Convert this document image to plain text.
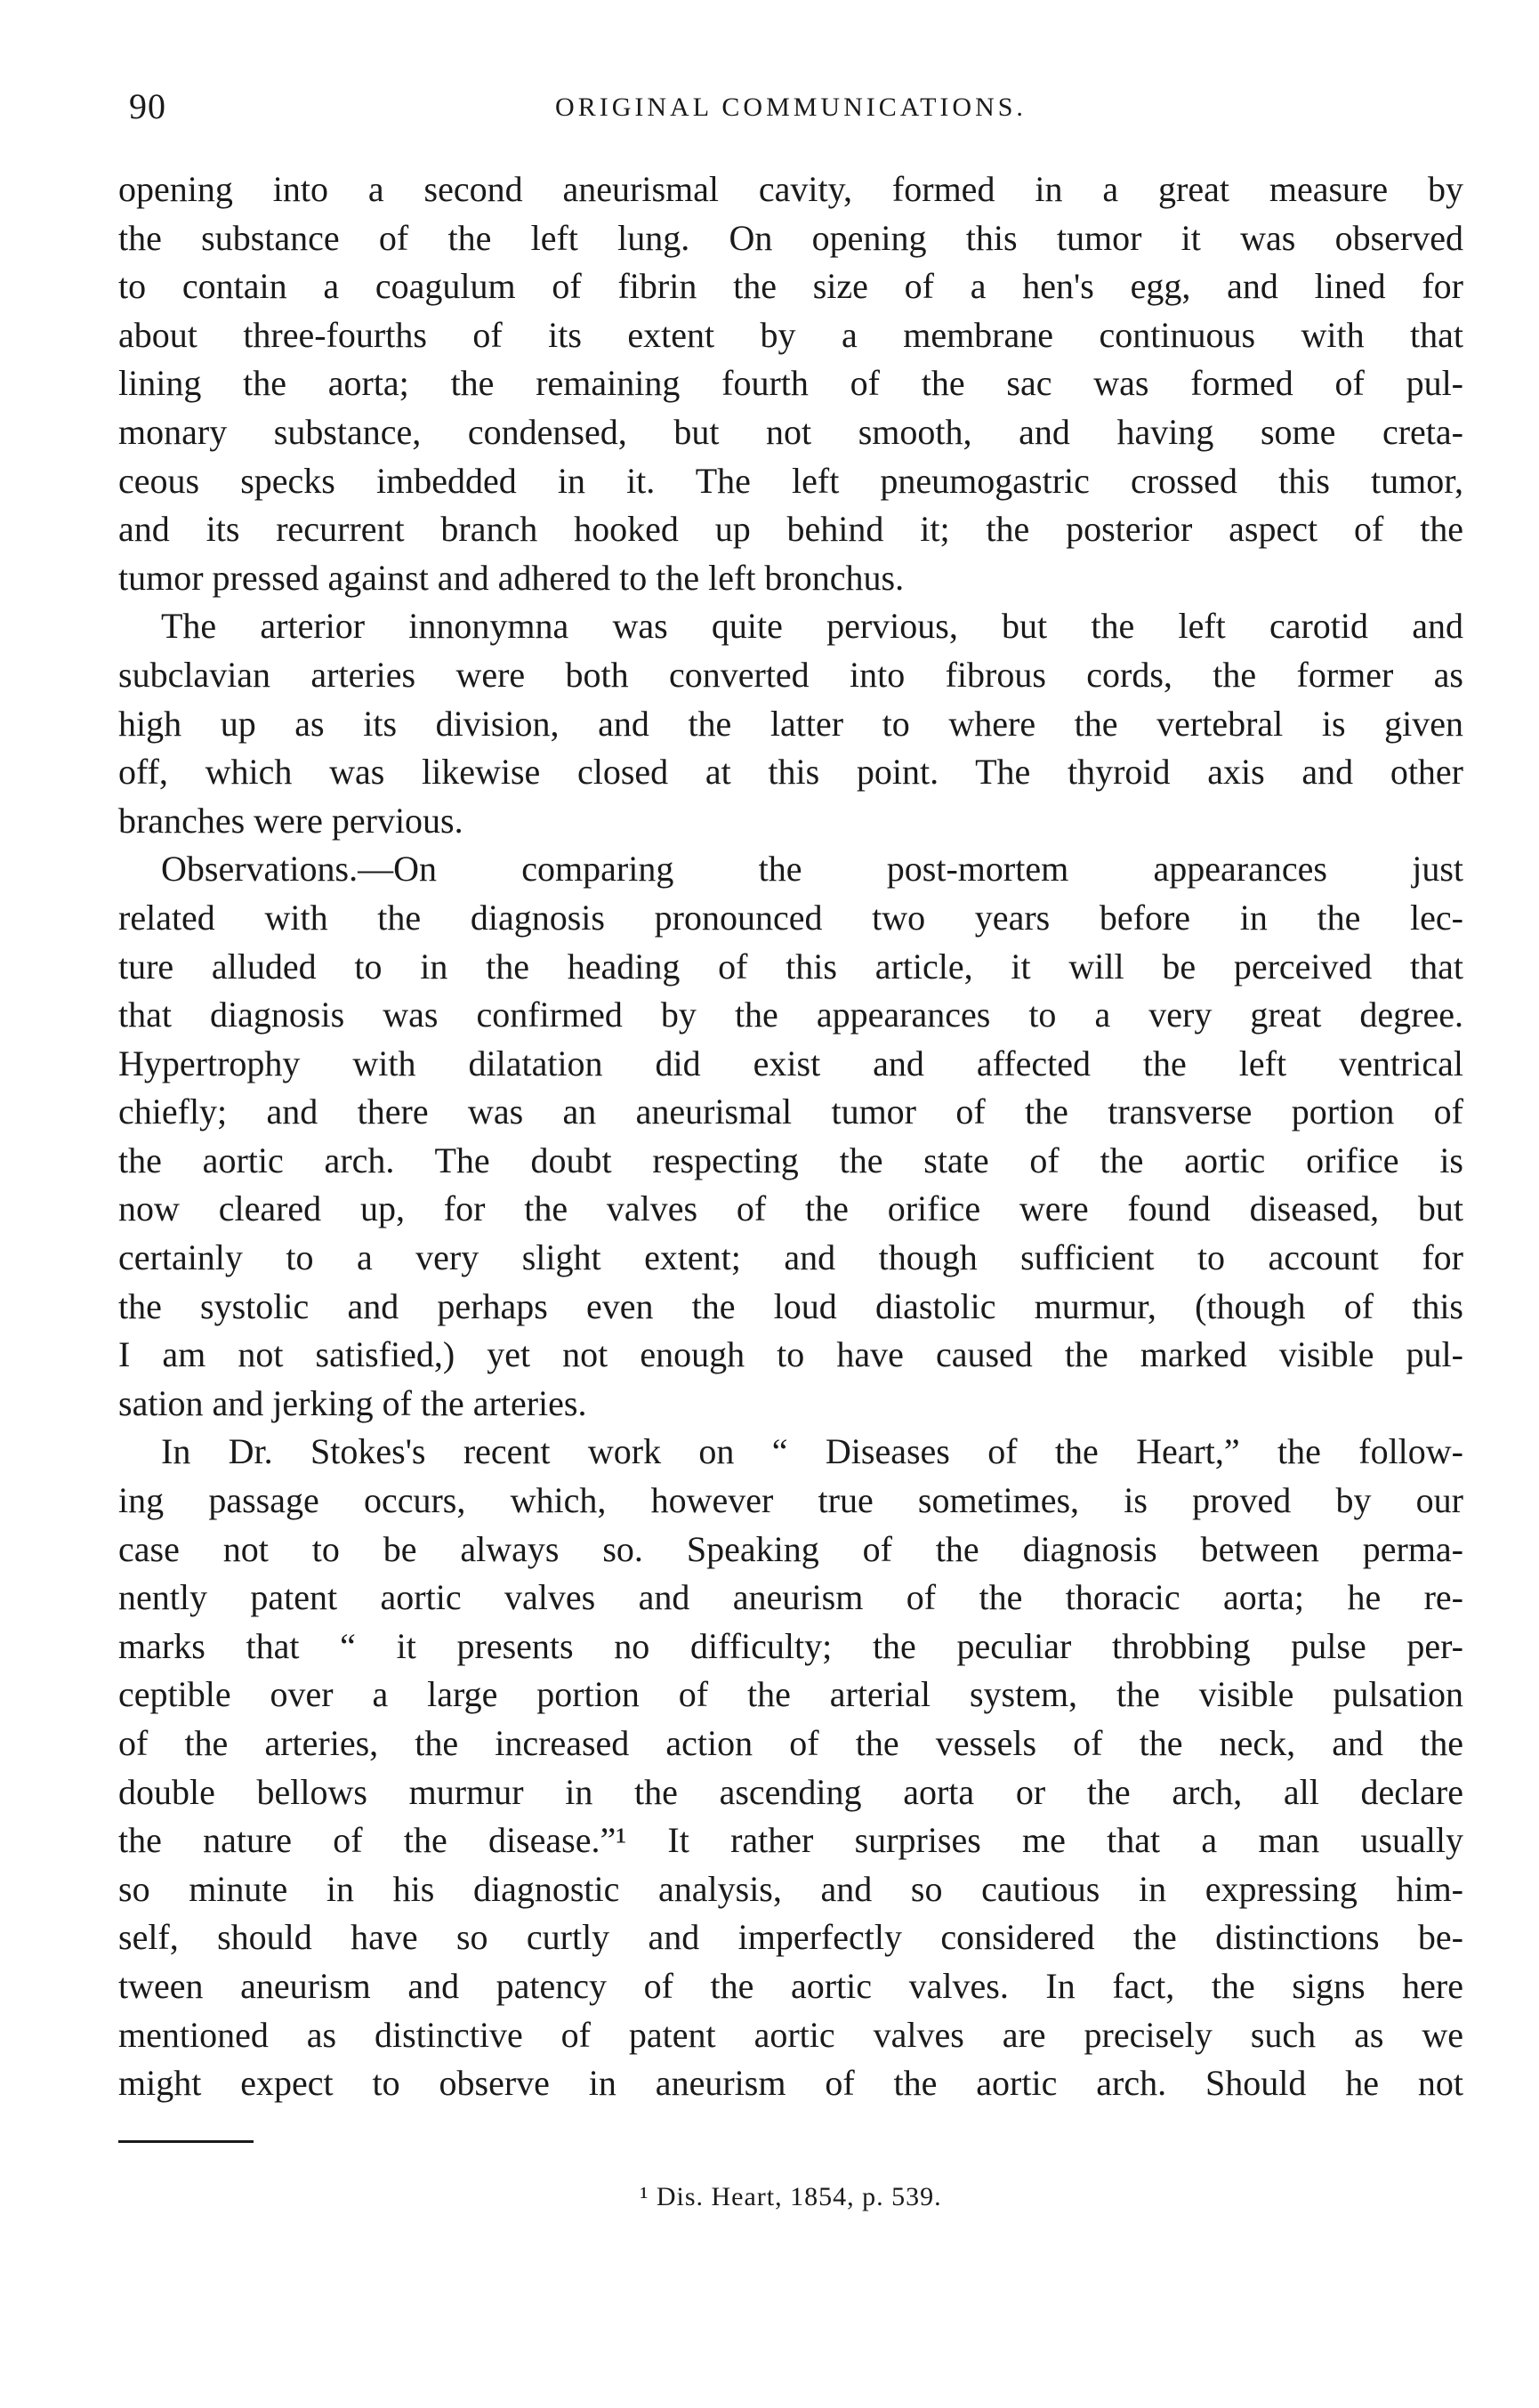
90	ORIGINAL COMMUNICATIONS.
opening into a second aneurismal cavity, formed in a great measure by
the substance of the left lung. On opening this tumor it was observed
to contain a coagulum of fibrin the size of a hen's egg, and lined for
about three-fourths of its extent by a membrane continuous with that
lining the aorta; the remaining fourth of the sac was formed of pul-
monary substance, condensed, but not smooth, and having some creta-
ceous specks imbedded in it. The left pneumogastric crossed this tumor,
and its recurrent branch hooked up behind it; the posterior aspect of the
tumor pressed against and adhered to the left bronchus.
The arterior innonymna was quite pervious, but the left carotid and
subclavian arteries were both converted into fibrous cords, the former as
high up as its division, and the latter to where the vertebral is given
off, which was likewise closed at this point. The thyroid axis and other
branches were pervious.
Observations.—On comparing the post-mortem appearances just
related with the diagnosis pronounced two years before in the lec-
ture alluded to in the heading of this article, it will be perceived that
that diagnosis was confirmed by the appearances to a very great degree.
Hypertrophy with dilatation did exist and affected the left ventrical
chiefly; and there was an aneurismal tumor of the transverse portion of
the aortic arch. The doubt respecting the state of the aortic orifice is
now cleared up, for the valves of the orifice were found diseased, but
certainly to a very slight extent; and though sufficient to account for
the systolic and perhaps even the loud diastolic murmur, (though of this
I am not satisfied,) yet not enough to have caused the marked visible pul-
sation and jerking of the arteries.
In Dr. Stokes's recent work on “ Diseases of the Heart,” the follow-
ing passage occurs, which, however true sometimes, is proved by our
case not to be always so. Speaking of the diagnosis between perma-
nently patent aortic valves and aneurism of the thoracic aorta; he re-
marks that “ it presents no difficulty; the peculiar throbbing pulse per-
ceptible over a large portion of the arterial system, the visible pulsation
of the arteries, the increased action of the vessels of the neck, and the
double bellows murmur in the ascending aorta or the arch, all declare
the nature of the disease.”¹ It rather surprises me that a man usually
so minute in his diagnostic analysis, and so cautious in expressing him-
self, should have so curtly and imperfectly considered the distinctions be-
tween aneurism and patency of the aortic valves. In fact, the signs here
mentioned as distinctive of patent aortic valves are precisely such as we
might expect to observe in aneurism of the aortic arch. Should he not
¹ Dis. Heart, 1854, p. 539.
